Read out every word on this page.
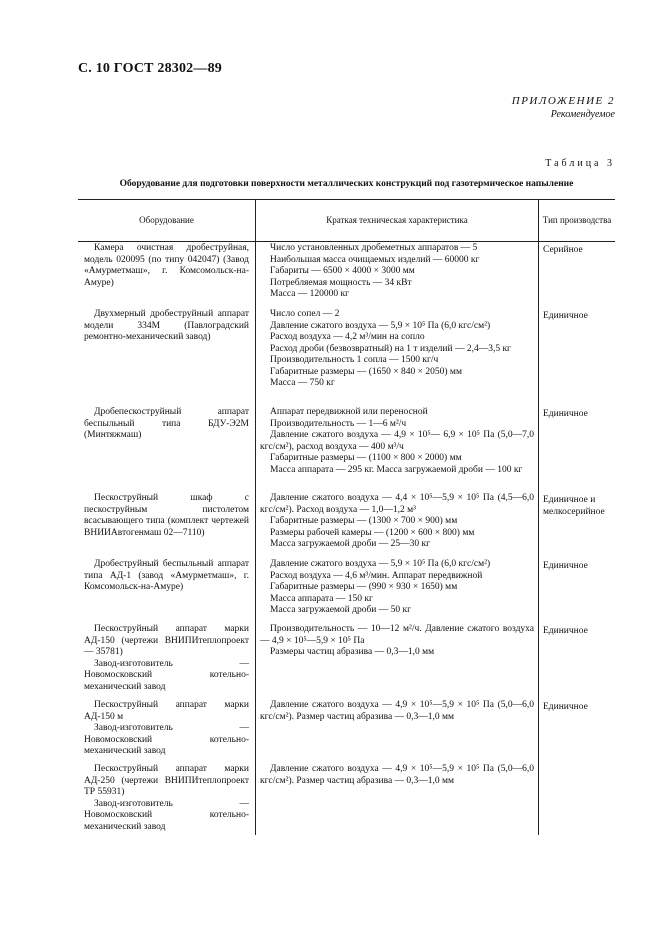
С. 10 ГОСТ 28302—89
ПРИЛОЖЕНИЕ 2
Рекомендуемое
Таблица 3
Оборудование для подготовки поверхности металлических конструкций под газотермическое напыление
Оборудование	Краткая техническая характеристика	Тип производства

Камера очистная дробеструйная, модель 020095 (по типу 042047) (Завод «Амурметмаш», г. Комсомольск-на-Амуре)

Число установленных дробеметных аппаратов — 5

Наибольшая масса очищаемых изделий — 60000 кг

Габариты — 6500 × 4000 × 3000 мм

Потребляемая мощность — 34 кВт

Масса — 120000 кг

Серийное

Двухмерный дробеструйный аппарат модели 334М (Павлоградский ремонтно-механический завод)

Число сопел — 2

Давление сжатого воздуха — 5,9 × 10⁵ Па (6,0 кгс/см²)

Расход воздуха — 4,2 м³/мин на сопло

Расход дроби (безвозвратный) на 1 т изделий — 2,4—3,5 кг

Производительность 1 сопла — 1500 кг/ч

Габаритные размеры — (1650 × 840 × 2050) мм

Масса — 750 кг

Единичное

Дробепескоструйный аппарат беспыльный типа БДУ-Э2М (Минтяжмаш)

Аппарат передвижной или переносной

Производительность — 1—6 м²/ч

Давление сжатого воздуха — 4,9 × 10⁵— 6,9 × 10⁵ Па (5,0—7,0 кгс/см²), расход воздуха — 400 м³/ч

Габаритные размеры — (1100 × 800 × 2000) мм

Масса аппарата — 295 кг. Масса загружаемой дроби — 100 кг

Единичное

Пескоструйный шкаф с пескоструйным пистолетом всасывающего типа (комплект чертежей ВНИИАвтогенмаш 02—7110)

Давление сжатого воздуха — 4,4 × 10⁵—5,9 × 10⁵ Па (4,5—6,0 кгс/см²). Расход воздуха — 1,0—1,2 м³

Габаритные размеры — (1300 × 700 × 900) мм

Размеры рабочей камеры — (1200 × 600 × 800) мм

Масса загружаемой дроби — 25—30 кг

Единичное и мелкосерийное

Дробеструйный беспыльный аппарат типа АД-1 (завод «Амурметмаш», г. Комсомольск-на-Амуре)

Давление сжатого воздуха — 5,9 × 10⁵ Па (6,0 кгс/см²)

Расход воздуха — 4,6 м³/мин. Аппарат передвижной

Габаритные размеры — (990 × 930 × 1650) мм

Масса аппарата — 150 кг

Масса загружаемой дроби — 50 кг

Единичное

Пескоструйный аппарат марки АД-150 (чертежи ВНИПИтеплопроект — 35781)

Завод-изготовитель — Новомосковский котельно-механический завод

Производительность — 10—12 м²/ч. Давление сжатого воздуха — 4,9 × 10⁵—5,9 × 10⁵ Па

Размеры частиц абразива — 0,3—1,0 мм

Единичное

Пескоструйный аппарат марки АД-150 м

Завод-изготовитель — Новомосковский котельно-механический завод

Давление сжатого воздуха — 4,9 × 10⁵—5,9 × 10⁵ Па (5,0—6,0 кгс/см²). Размер частиц абразива — 0,3—1,0 мм

Единичное

Пескоструйный аппарат марки АД-250 (чертежи ВНИПИтеплопроект ТР 55931)

Завод-изготовитель — Новомосковский котельно-механический завод

Давление сжатого воздуха — 4,9 × 10⁵—5,9 × 10⁵ Па (5,0—6,0 кгс/см²). Размер частиц абразива — 0,3—1,0 мм
